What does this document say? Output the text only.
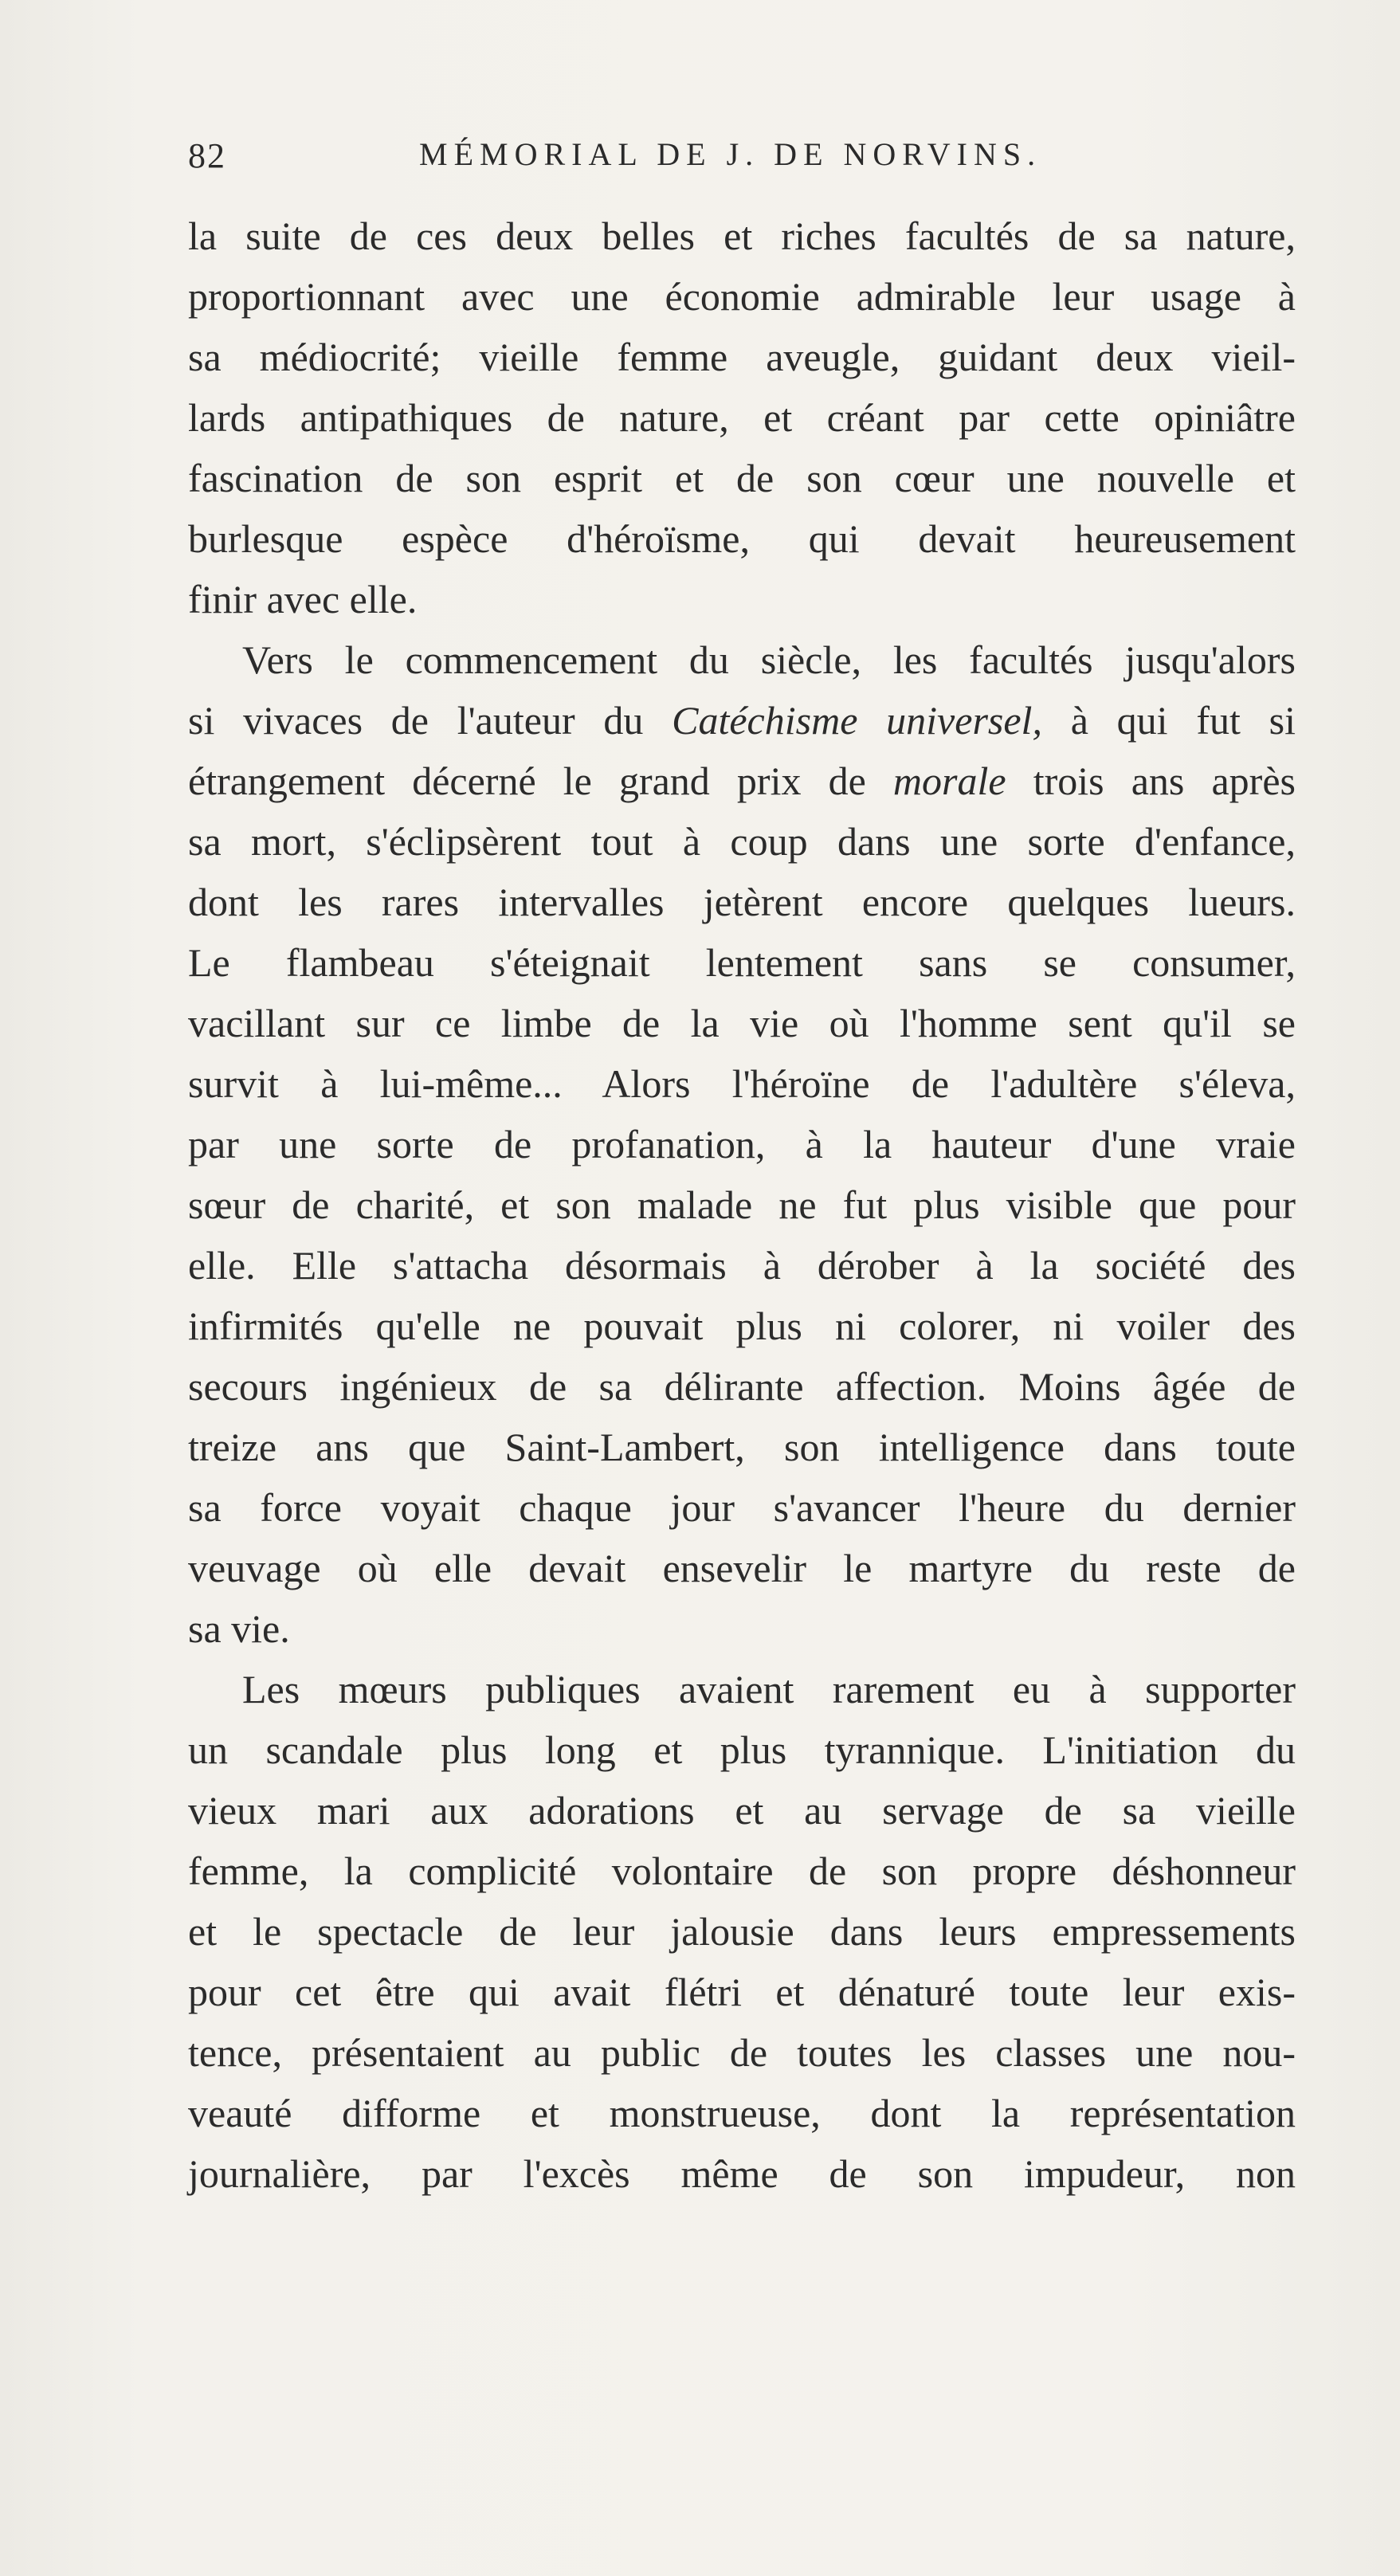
82	MÉMORIAL DE J. DE NORVINS.
la suite de ces deux belles et riches facultés de sa nature,
proportionnant avec une économie admirable leur usage à
sa médiocrité; vieille femme aveugle, guidant deux vieil-
lards antipathiques de nature, et créant par cette opiniâtre
fascination de son esprit et de son cœur une nouvelle et
burlesque espèce d'héroïsme, qui devait heureusement
finir avec elle.
Vers le commencement du siècle, les facultés jusqu'alors
si vivaces de l'auteur du Catéchisme universel, à qui fut si
étrangement décerné le grand prix de morale trois ans après
sa mort, s'éclipsèrent tout à coup dans une sorte d'enfance,
dont les rares intervalles jetèrent encore quelques lueurs.
Le flambeau s'éteignait lentement sans se consumer,
vacillant sur ce limbe de la vie où l'homme sent qu'il se
survit à lui-même... Alors l'héroïne de l'adultère s'éleva,
par une sorte de profanation, à la hauteur d'une vraie
sœur de charité, et son malade ne fut plus visible que pour
elle. Elle s'attacha désormais à dérober à la société des
infirmités qu'elle ne pouvait plus ni colorer, ni voiler des
secours ingénieux de sa délirante affection. Moins âgée de
treize ans que Saint-Lambert, son intelligence dans toute
sa force voyait chaque jour s'avancer l'heure du dernier
veuvage où elle devait ensevelir le martyre du reste de
sa vie.
Les mœurs publiques avaient rarement eu à supporter
un scandale plus long et plus tyrannique. L'initiation du
vieux mari aux adorations et au servage de sa vieille
femme, la complicité volontaire de son propre déshonneur
et le spectacle de leur jalousie dans leurs empressements
pour cet être qui avait flétri et dénaturé toute leur exis-
tence, présentaient au public de toutes les classes une nou-
veauté difforme et monstrueuse, dont la représentation
journalière, par l'excès même de son impudeur, non
